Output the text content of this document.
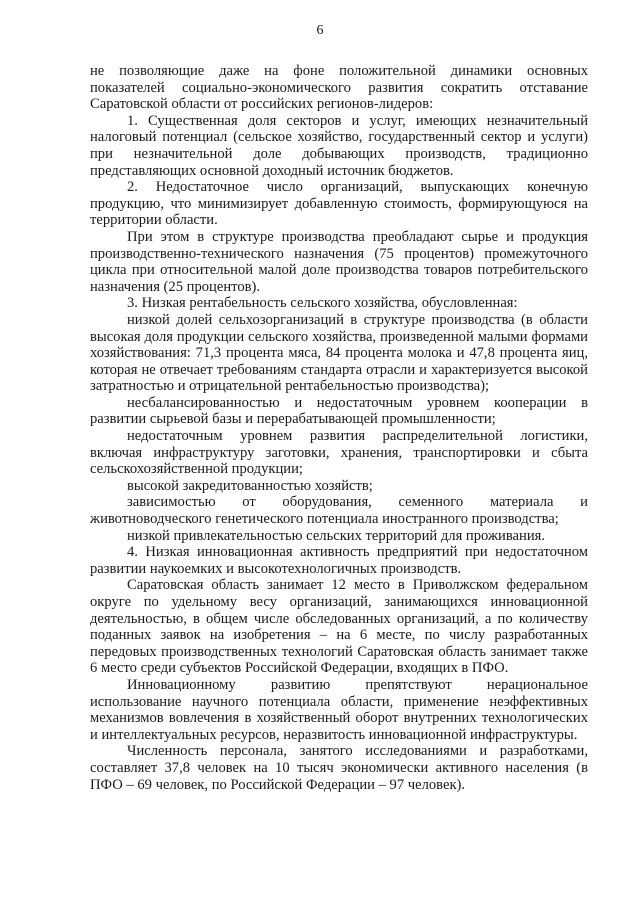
6

не позволяющие даже на фоне положительной динамики основных показателей социально-экономического развития сократить отставание Саратовской области от российских регионов-лидеров:

1. Существенная доля секторов и услуг, имеющих незначительный налоговый потенциал (сельское хозяйство, государственный сектор и услуги) при незначительной доле добывающих производств, традиционно представляющих основной доходный источник бюджетов.

2. Недостаточное число организаций, выпускающих конечную продукцию, что минимизирует добавленную стоимость, формирующуюся на территории области.

При этом в структуре производства преобладают сырье и продукция производственно-технического назначения (75 процентов) промежуточного цикла при относительной малой доле производства товаров потребительского назначения (25 процентов).

3. Низкая рентабельность сельского хозяйства, обусловленная:

низкой долей сельхозорганизаций в структуре производства (в области высокая доля продукции сельского хозяйства, произведенной малыми формами хозяйствования: 71,3 процента мяса, 84 процента молока и 47,8 процента яиц, которая не отвечает требованиям стандарта отрасли и характеризуется высокой затратностью и отрицательной рентабельностью производства);

несбалансированностью и недостаточным уровнем кооперации в развитии сырьевой базы и перерабатывающей промышленности;

недостаточным уровнем развития распределительной логистики, включая инфраструктуру заготовки, хранения, транспортировки и сбыта сельскохозяйственной продукции;

высокой закредитованностью хозяйств;

зависимостью от оборудования, семенного материала и животноводческого генетического потенциала иностранного производства;

низкой привлекательностью сельских территорий для проживания.

4. Низкая инновационная активность предприятий при недостаточном развитии наукоемких и высокотехнологичных производств.

Саратовская область занимает 12 место в Приволжском федеральном округе по удельному весу организаций, занимающихся инновационной деятельностью, в общем числе обследованных организаций, а по количеству поданных заявок на изобретения – на 6 месте, по числу разработанных передовых производственных технологий Саратовская область занимает также 6 место среди субъектов Российской Федерации, входящих в ПФО.

Инновационному развитию препятствуют нерациональное использование научного потенциала области, применение неэффективных механизмов вовлечения в хозяйственный оборот внутренних технологических и интеллектуальных ресурсов, неразвитость инновационной инфраструктуры.

Численность персонала, занятого исследованиями и разработками, составляет 37,8 человек на 10 тысяч экономически активного населения (в ПФО – 69 человек, по Российской Федерации – 97 человек).
